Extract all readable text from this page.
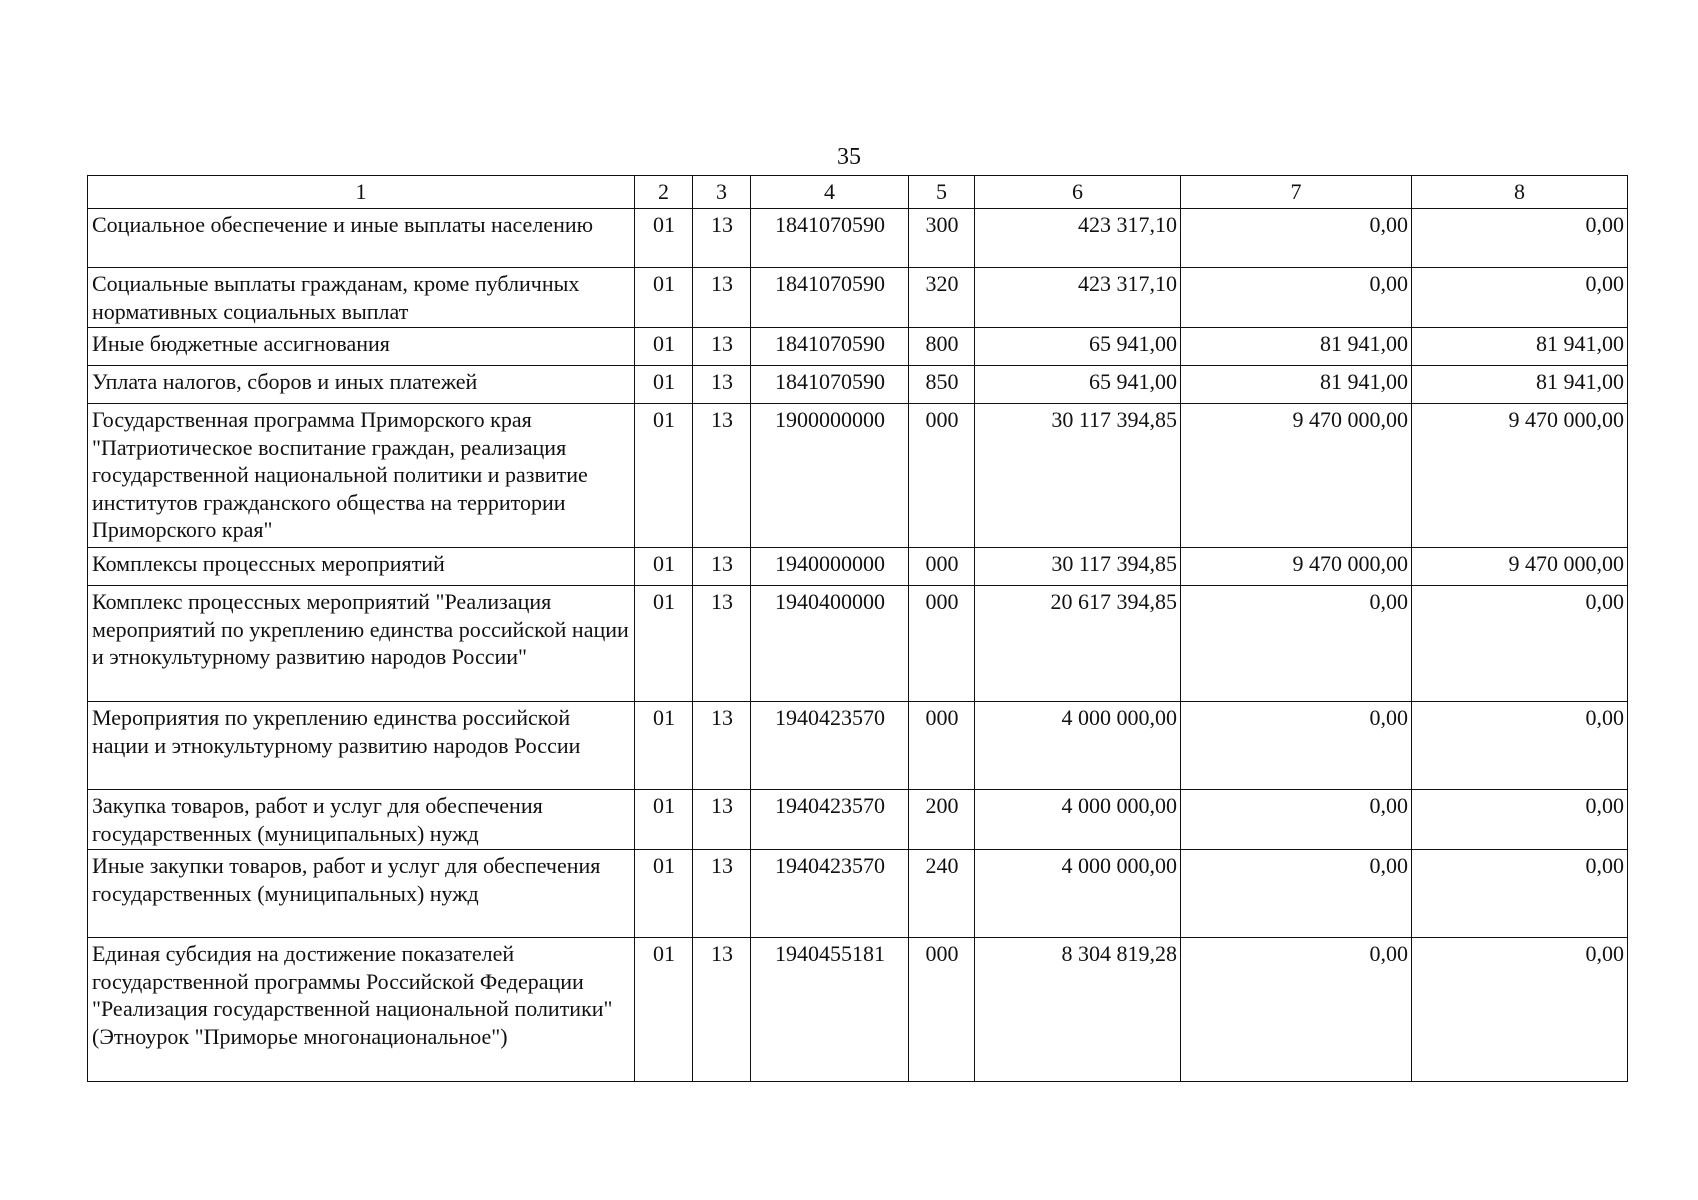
35
1	2	3	4	5	6	7	8
Социальное обеспечение и иные выплаты населению	01	13	1841070590	300	423 317,10	0,00	0,00
Социальные выплаты гражданам, кроме публичных нормативных социальных выплат	01	13	1841070590	320	423 317,10	0,00	0,00
Иные бюджетные ассигнования	01	13	1841070590	800	65 941,00	81 941,00	81 941,00
Уплата налогов, сборов и иных платежей	01	13	1841070590	850	65 941,00	81 941,00	81 941,00
Государственная программа Приморского края "Патриотическое воспитание граждан, реализация государственной национальной политики и развитие институтов гражданского общества на территории Приморского края"	01	13	1900000000	000	30 117 394,85	9 470 000,00	9 470 000,00
Комплексы процессных мероприятий	01	13	1940000000	000	30 117 394,85	9 470 000,00	9 470 000,00
Комплекс процессных мероприятий "Реализация мероприятий по укреплению единства российской нации и этнокультурному развитию народов России"	01	13	1940400000	000	20 617 394,85	0,00	0,00
Мероприятия по укреплению единства российской нации и этнокультурному развитию народов России	01	13	1940423570	000	4 000 000,00	0,00	0,00
Закупка товаров, работ и услуг для обеспечения государственных (муниципальных) нужд	01	13	1940423570	200	4 000 000,00	0,00	0,00
Иные закупки товаров, работ и услуг для обеспечения государственных (муниципальных) нужд	01	13	1940423570	240	4 000 000,00	0,00	0,00
Единая субсидия на достижение показателей государственной программы Российской Федерации "Реализация государственной национальной политики" (Этноурок "Приморье многонациональное")	01	13	1940455181	000	8 304 819,28	0,00	0,00
